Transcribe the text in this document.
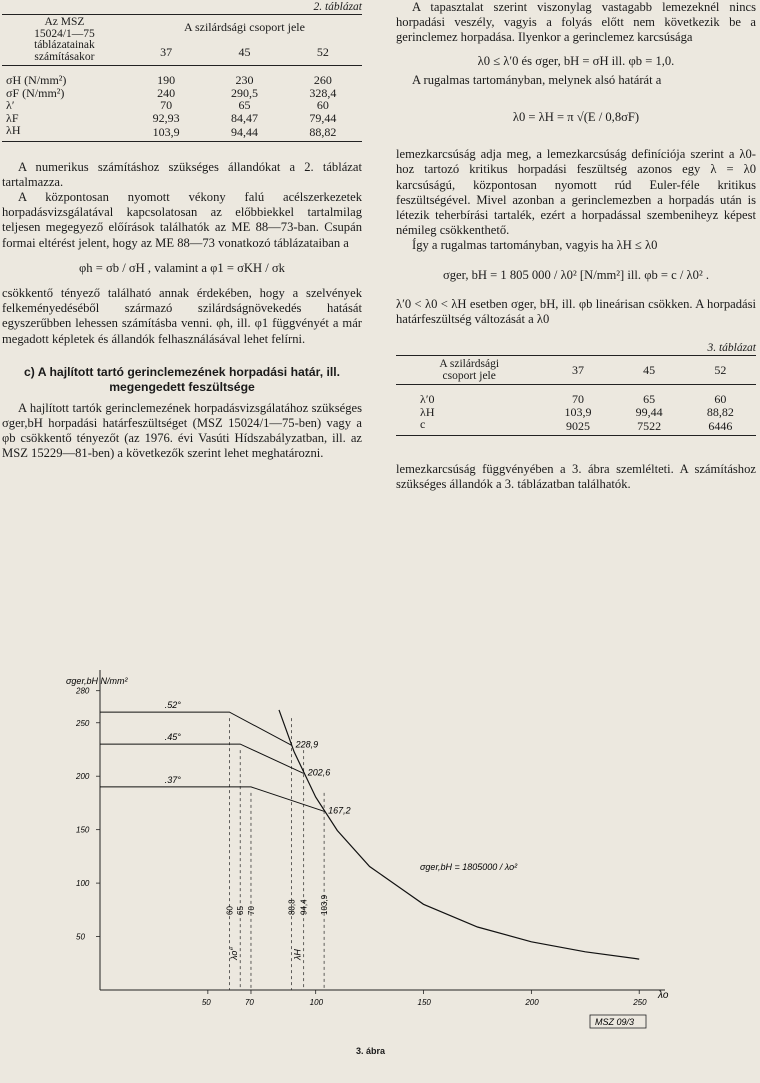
2. táblázat
Az MSZ
15024/1—75
táblázatainak
számításakor	A szilárdsági csoport jele		
	37	45	52
σH (N/mm²)	190	230	260
σF (N/mm²)	240	290,5	328,4
λ′	70	65	60
λF	92,93	84,47	79,44
λH	103,9	94,44	88,82

A numerikus számításhoz szükséges állandókat a 2. táblázat tartalmazza.

A központosan nyomott vékony falú acélszerkezetek horpadásvizsgálatával kapcsolatosan az előbbiekkel tartalmilag teljesen megegyező előírások találhatók az ME 88—73-ban. Csupán formai eltérést jelent, hogy az ME 88—73 vonatkozó táblázataiban a

φh = σb / σH , valamint a φ1 = σKH / σk

csökkentő tényező található annak érdekében, hogy a szelvények felkeményedéséből származó szilárdságnövekedés hatását egyszerűbben lehessen számításba venni. φh, ill. φ1 függvényét a már megadott képletek és állandók felhasználásával lehet felírni.

c) A hajlított tartó gerinclemezének horpadási határ, ill. megengedett feszültsége

A hajlított tartók gerinclemezének horpadásvizsgálatához szükséges σger,bH horpadási határfeszültséget (MSZ 15024/1—75-ben) vagy a φb csökkentő tényezőt (az 1976. évi Vasúti Hídszabályzatban, ill. az MSZ 15229—81-ben) a következők szerint lehet meghatározni.

A tapasztalat szerint viszonylag vastagabb lemezeknél nincs horpadási veszély, vagyis a folyás előtt nem következik be a gerinclemez horpadása. Ilyenkor a gerinclemez karcsúsága

λ0 ≤ λ′0 és σger, bH = σH ill. φb = 1,0.

A rugalmas tartományban, melynek alsó határát a

λ0 = λH = π √(E / 0,8σF)

lemezkarcsúság adja meg, a lemezkarcsúság definíciója szerint a λ0-hoz tartozó kritikus horpadási feszültség azonos egy λ = λ0 karcsúságú, központosan nyomott rúd Euler-féle kritikus feszültségével. Mivel azonban a gerinclemezben a horpadás után is létezik teherbírási tartalék, ezért a horpadással szembeniheyz képest némileg csökkenthető.

Így a rugalmas tartományban, vagyis ha λH ≤ λ0

σger, bH = 1 805 000 / λ0² [N/mm²] ill. φb = c / λ0² .

λ′0 < λ0 < λH esetben σger, bH, ill. φb lineárisan csökken. A horpadási határfeszültség változását a λ0

3. táblázat
A szilárdsági
csoport jele	37	45	52
λ′0	70	65	60
λH	103,9	99,44	88,82
c	9025	7522	6446

lemezkarcsúság függvényében a 3. ábra szemlélteti. A számításhoz szükséges állandók a 3. táblázatban találhatók.

50	70	100	150	200	250
280
250
200
150
100
50
.52°
228,9
.45°
202,6
.37°
167,2
60 65 70	88,8 94,4 103,9
λo″	λH
σger,bH N/mm²
λo
σger,bH = 1805000 / λo²
MSZ 09/3
3. ábra
